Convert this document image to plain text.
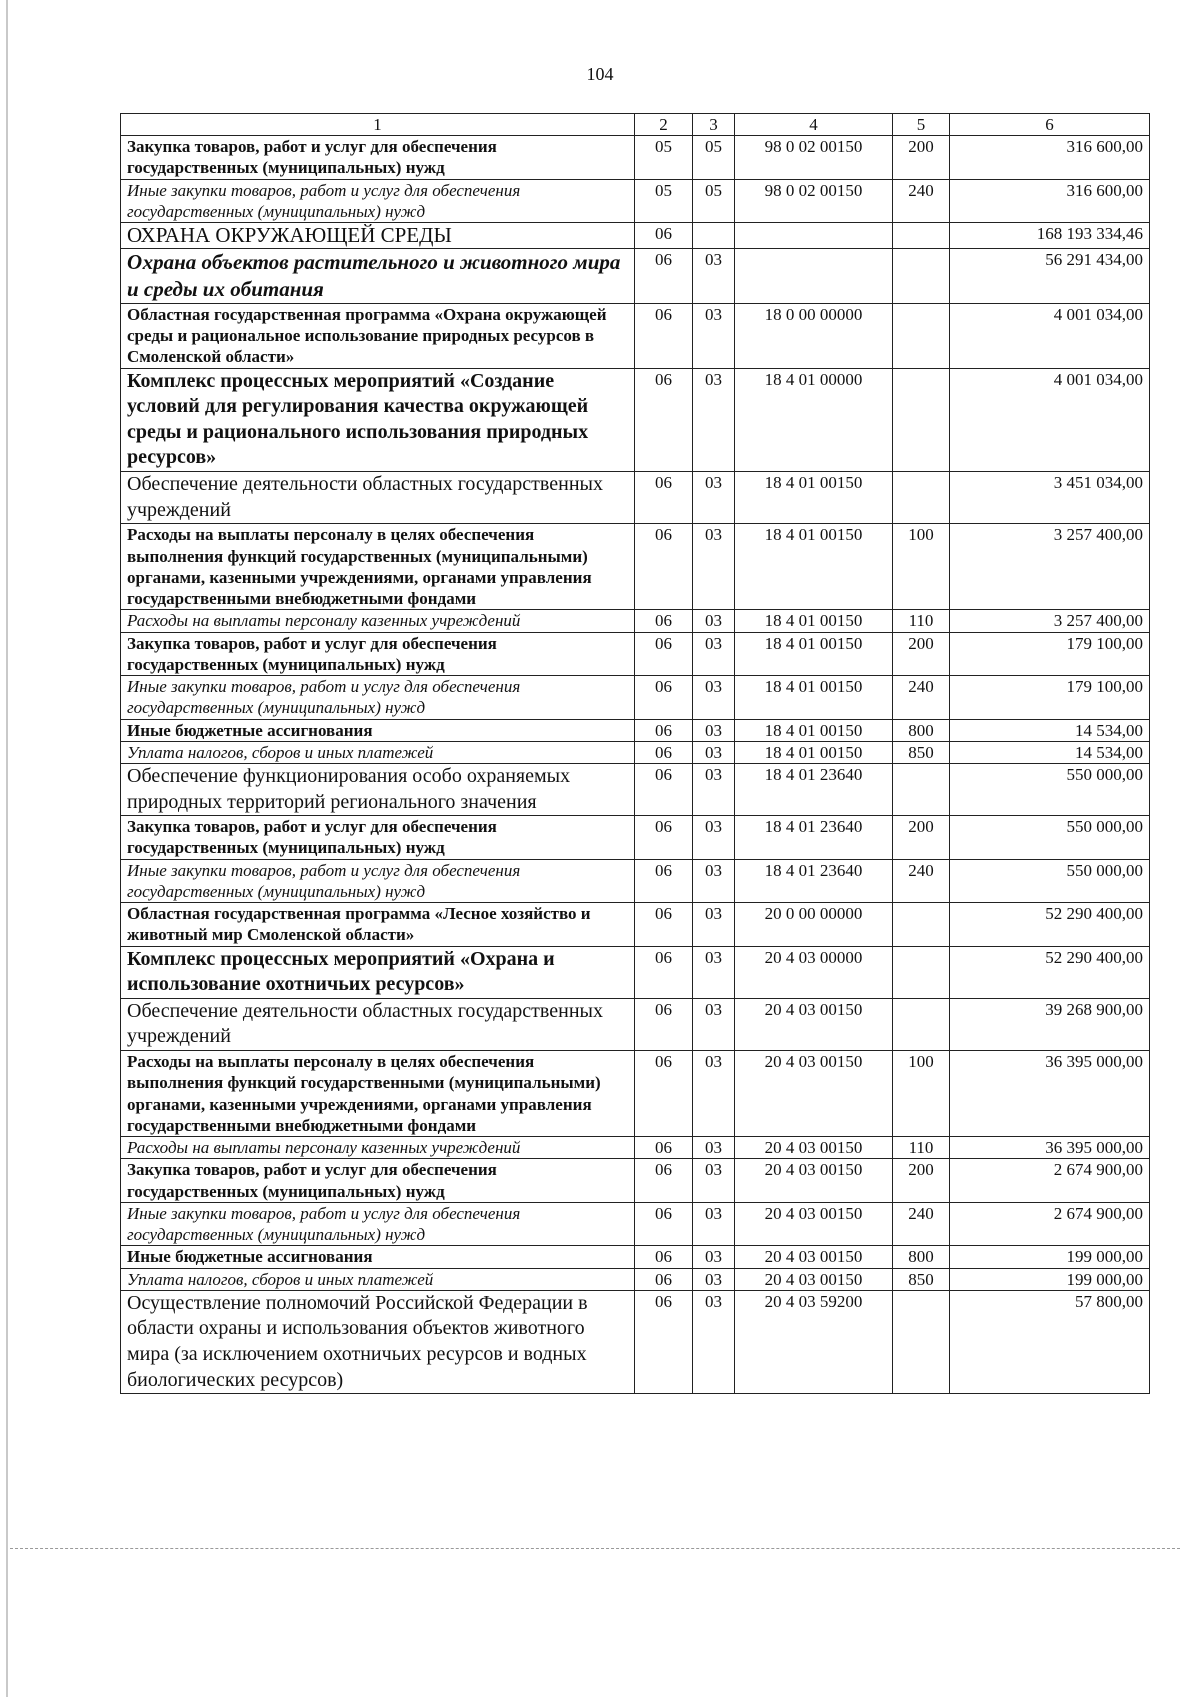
104
1	2	3	4	5	6
Закупка товаров, работ и услуг для обеспечения государственных (муниципальных) нужд	05	05	98 0 02 00150	200	316 600,00
Иные закупки товаров, работ и услуг для обеспечения государственных (муниципальных) нужд	05	05	98 0 02 00150	240	316 600,00
ОХРАНА ОКРУЖАЮЩЕЙ СРЕДЫ	06				168 193 334,46
Охрана объектов растительного и животного мира и среды их обитания	06	03			56 291 434,00
Областная государственная программа «Охрана окружающей среды и рациональное использование природных ресурсов в Смоленской области»	06	03	18 0 00 00000		4 001 034,00
Комплекс процессных мероприятий «Создание условий для регулирования качества окружающей среды и рационального использования природных ресурсов»	06	03	18 4 01 00000		4 001 034,00
Обеспечение деятельности областных государственных учреждений	06	03	18 4 01 00150		3 451 034,00
Расходы на выплаты персоналу в целях обеспечения выполнения функций государственных (муниципальными) органами, казенными учреждениями, органами управления государственными внебюджетными фондами	06	03	18 4 01 00150	100	3 257 400,00
Расходы на выплаты персоналу казенных учреждений	06	03	18 4 01 00150	110	3 257 400,00
Закупка товаров, работ и услуг для обеспечения государственных (муниципальных) нужд	06	03	18 4 01 00150	200	179 100,00
Иные закупки товаров, работ и услуг для обеспечения государственных (муниципальных) нужд	06	03	18 4 01 00150	240	179 100,00
Иные бюджетные ассигнования	06	03	18 4 01 00150	800	14 534,00
Уплата налогов, сборов и иных платежей	06	03	18 4 01 00150	850	14 534,00
Обеспечение функционирования особо охраняемых природных территорий регионального значения	06	03	18 4 01 23640		550 000,00
Закупка товаров, работ и услуг для обеспечения государственных (муниципальных) нужд	06	03	18 4 01 23640	200	550 000,00
Иные закупки товаров, работ и услуг для обеспечения государственных (муниципальных) нужд	06	03	18 4 01 23640	240	550 000,00
Областная государственная программа «Лесное хозяйство и животный мир Смоленской области»	06	03	20 0 00 00000		52 290 400,00
Комплекс процессных мероприятий «Охрана и использование охотничьих ресурсов»	06	03	20 4 03 00000		52 290 400,00
Обеспечение деятельности областных государственных учреждений	06	03	20 4 03 00150		39 268 900,00
Расходы на выплаты персоналу в целях обеспечения выполнения функций государственными (муниципальными) органами, казенными учреждениями, органами управления государственными внебюджетными фондами	06	03	20 4 03 00150	100	36 395 000,00
Расходы на выплаты персоналу казенных учреждений	06	03	20 4 03 00150	110	36 395 000,00
Закупка товаров, работ и услуг для обеспечения государственных (муниципальных) нужд	06	03	20 4 03 00150	200	2 674 900,00
Иные закупки товаров, работ и услуг для обеспечения государственных (муниципальных) нужд	06	03	20 4 03 00150	240	2 674 900,00
Иные бюджетные ассигнования	06	03	20 4 03 00150	800	199 000,00
Уплата налогов, сборов и иных платежей	06	03	20 4 03 00150	850	199 000,00
Осуществление полномочий Российской Федерации в области охраны и использования объектов животного мира (за исключением охотничьих ресурсов и водных биологических ресурсов)	06	03	20 4 03 59200		57 800,00
